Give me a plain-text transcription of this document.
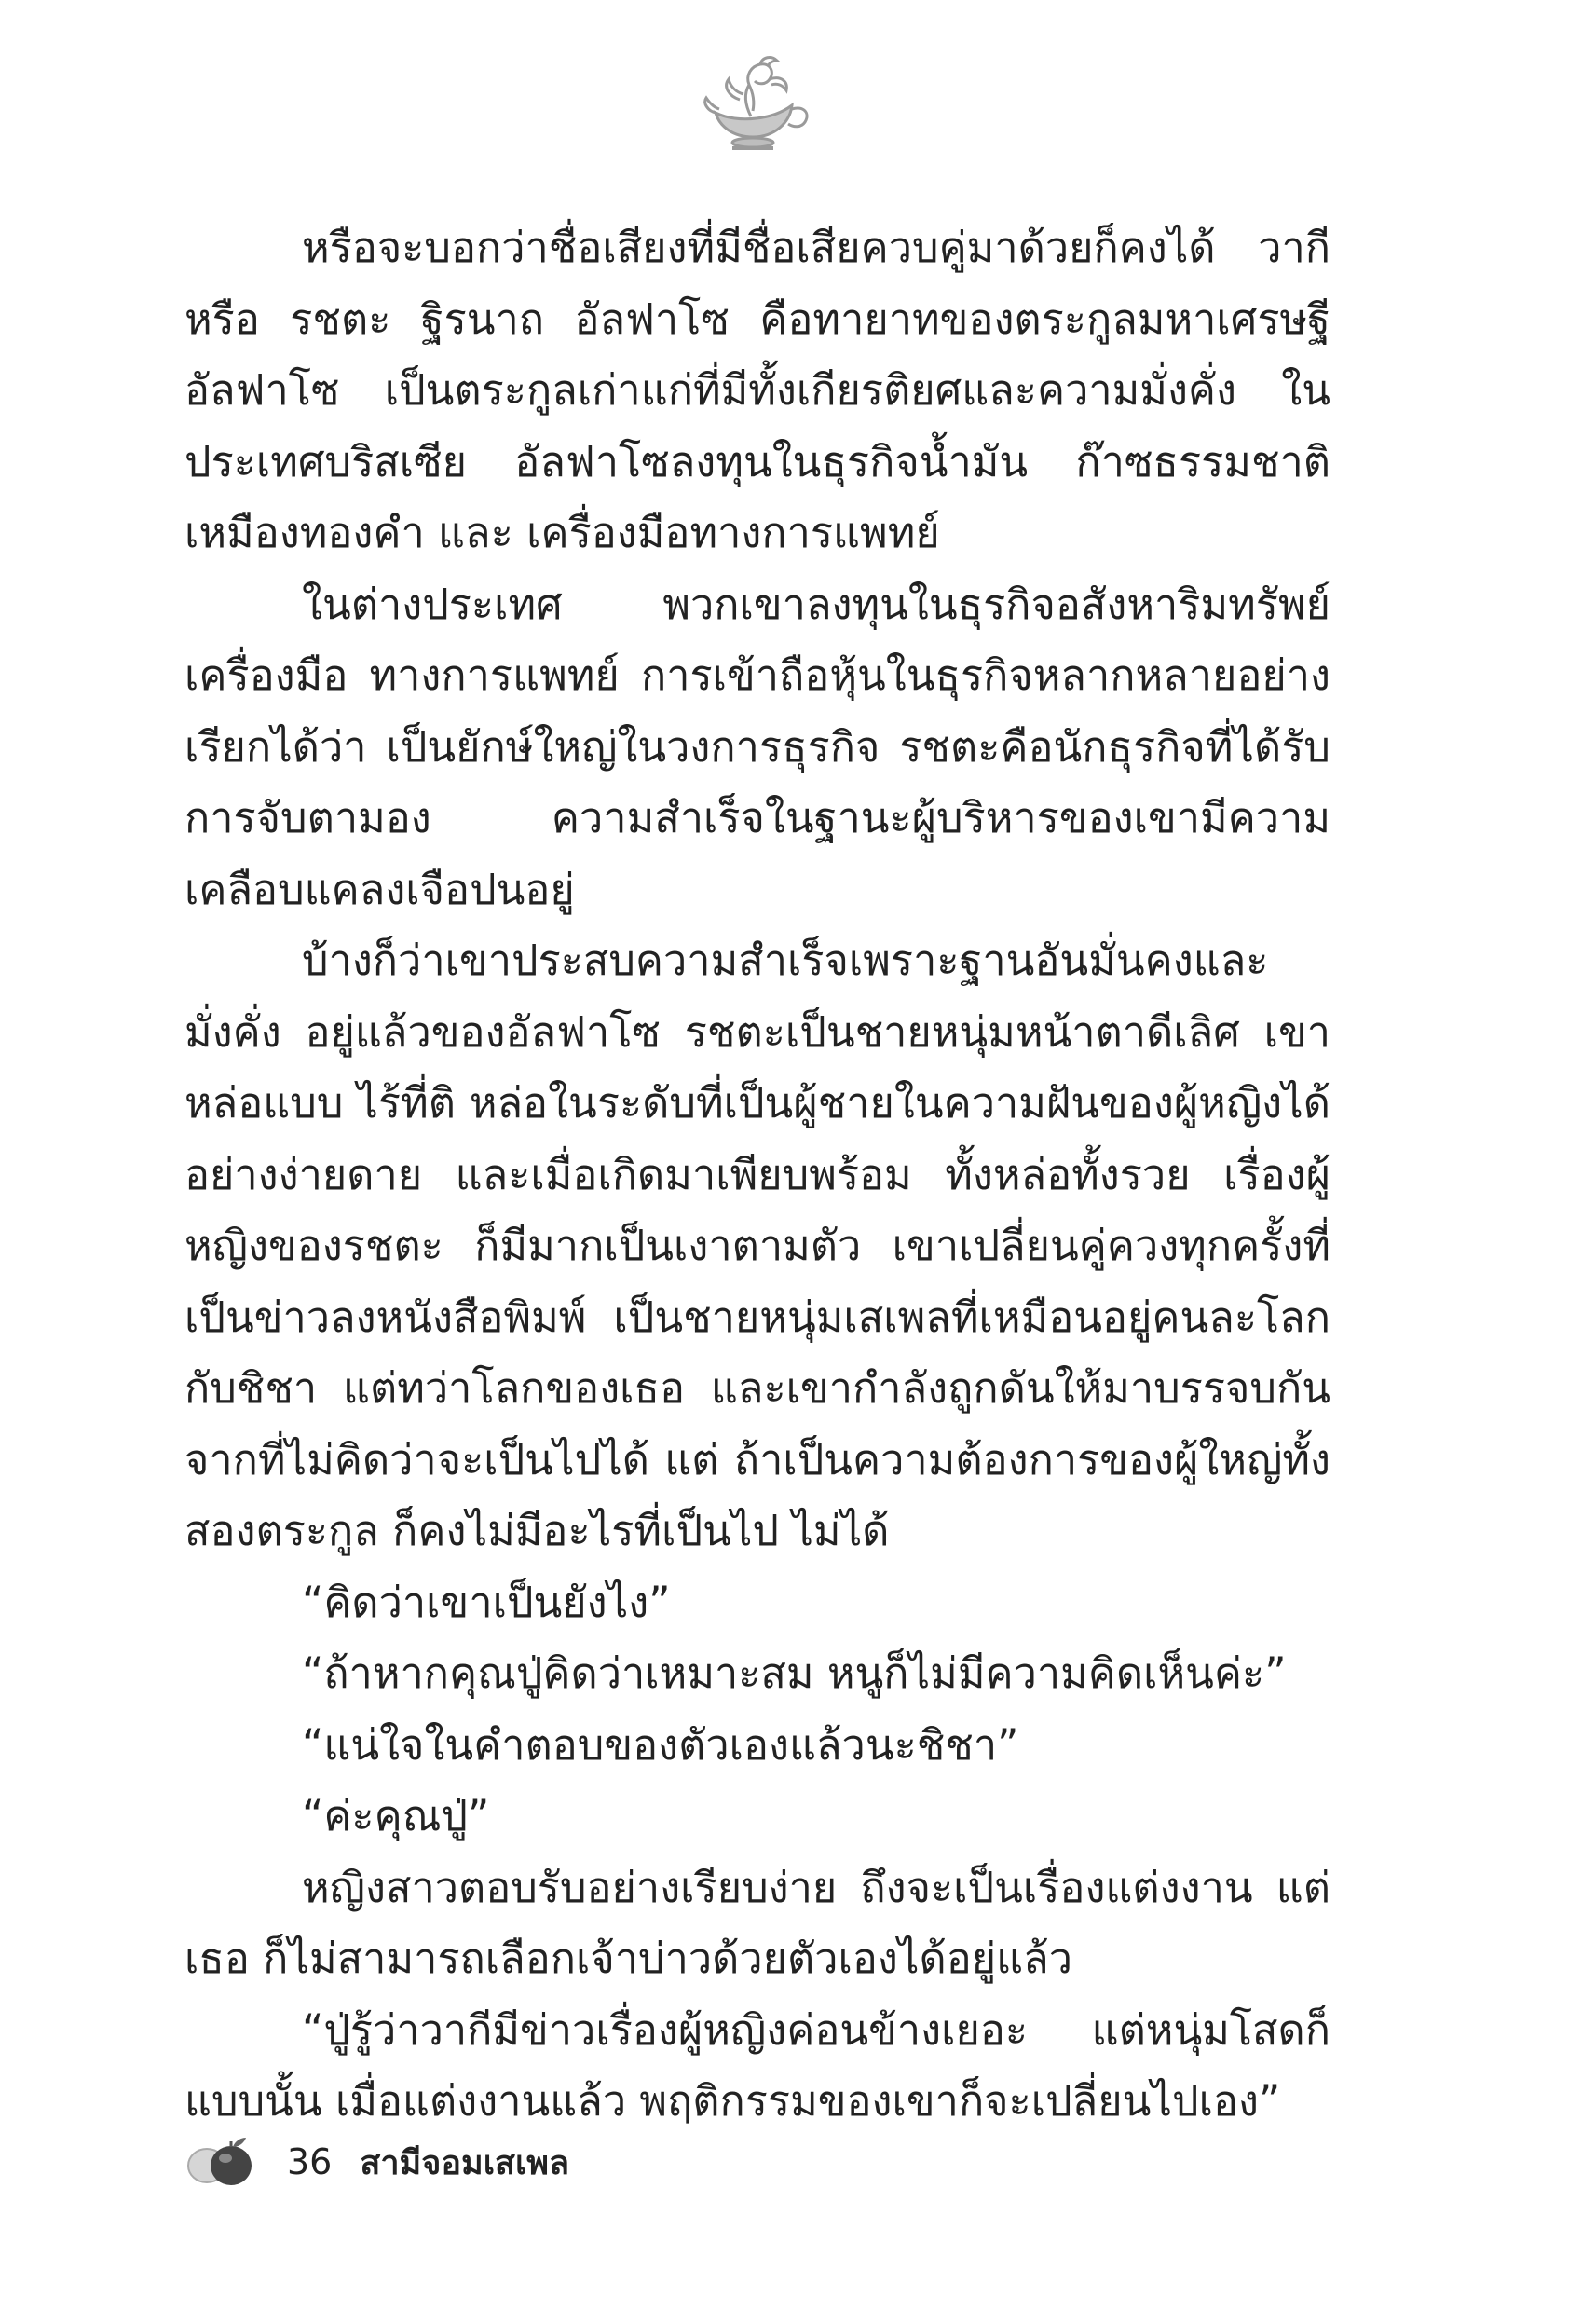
หรือจะบอกว่าชื่อเสียงที่มีชื่อเสียควบคู่มาด้วยก็คงได้ วากี หรือ รชตะ ฐิรนาถ อัลฟาโซ คือทายาทของตระกูลมหาเศรษฐี อัลฟาโซ เป็นตระกูลเก่าแก่ที่มีทั้งเกียรติยศและความมั่งคั่ง ในประเทศบริสเซีย อัลฟาโซลงทุนในธุรกิจน้ำมัน ก๊าซธรรมชาติ เหมืองทองคำ และ เครื่องมือทางการแพทย์

ในต่างประเทศ พวกเขาลงทุนในธุรกิจอสังหาริมทรัพย์ เครื่องมือ ทางการแพทย์ การเข้าถือหุ้นในธุรกิจหลากหลายอย่าง เรียกได้ว่า เป็นยักษ์ใหญ่ในวงการธุรกิจ รชตะคือนักธุรกิจที่ได้รับการจับตามอง ความสำเร็จในฐานะผู้บริหารของเขามีความเคลือบแคลงเจือปนอยู่

บ้างก็ว่าเขาประสบความสำเร็จเพราะฐานอันมั่นคงและมั่งคั่ง อยู่แล้วของอัลฟาโซ รชตะเป็นชายหนุ่มหน้าตาดีเลิศ เขาหล่อแบบ ไร้ที่ติ หล่อในระดับที่เป็นผู้ชายในความฝันของผู้หญิงได้อย่างง่ายดาย และเมื่อเกิดมาเพียบพร้อม ทั้งหล่อทั้งรวย เรื่องผู้หญิงของรชตะ ก็มีมากเป็นเงาตามตัว เขาเปลี่ยนคู่ควงทุกครั้งที่เป็นข่าวลงหนังสือพิมพ์ เป็นชายหนุ่มเสเพลที่เหมือนอยู่คนละโลกกับชิชา แต่ทว่าโลกของเธอ และเขากำลังถูกดันให้มาบรรจบกัน จากที่ไม่คิดว่าจะเป็นไปได้ แต่ ถ้าเป็นความต้องการของผู้ใหญ่ทั้งสองตระกูล ก็คงไม่มีอะไรที่เป็นไป ไม่ได้

“คิดว่าเขาเป็นยังไง”

“ถ้าหากคุณปู่คิดว่าเหมาะสม หนูก็ไม่มีความคิดเห็นค่ะ”

“แน่ใจในคำตอบของตัวเองแล้วนะชิชา”

“ค่ะคุณปู่”

หญิงสาวตอบรับอย่างเรียบง่าย ถึงจะเป็นเรื่องแต่งงาน แต่เธอ ก็ไม่สามารถเลือกเจ้าบ่าวด้วยตัวเองได้อยู่แล้ว

“ปู่รู้ว่าวากีมีข่าวเรื่องผู้หญิงค่อนข้างเยอะ แต่หนุ่มโสดก็แบบนั้น เมื่อแต่งงานแล้ว พฤติกรรมของเขาก็จะเปลี่ยนไปเอง”

36 สามีจอมเสเพล
